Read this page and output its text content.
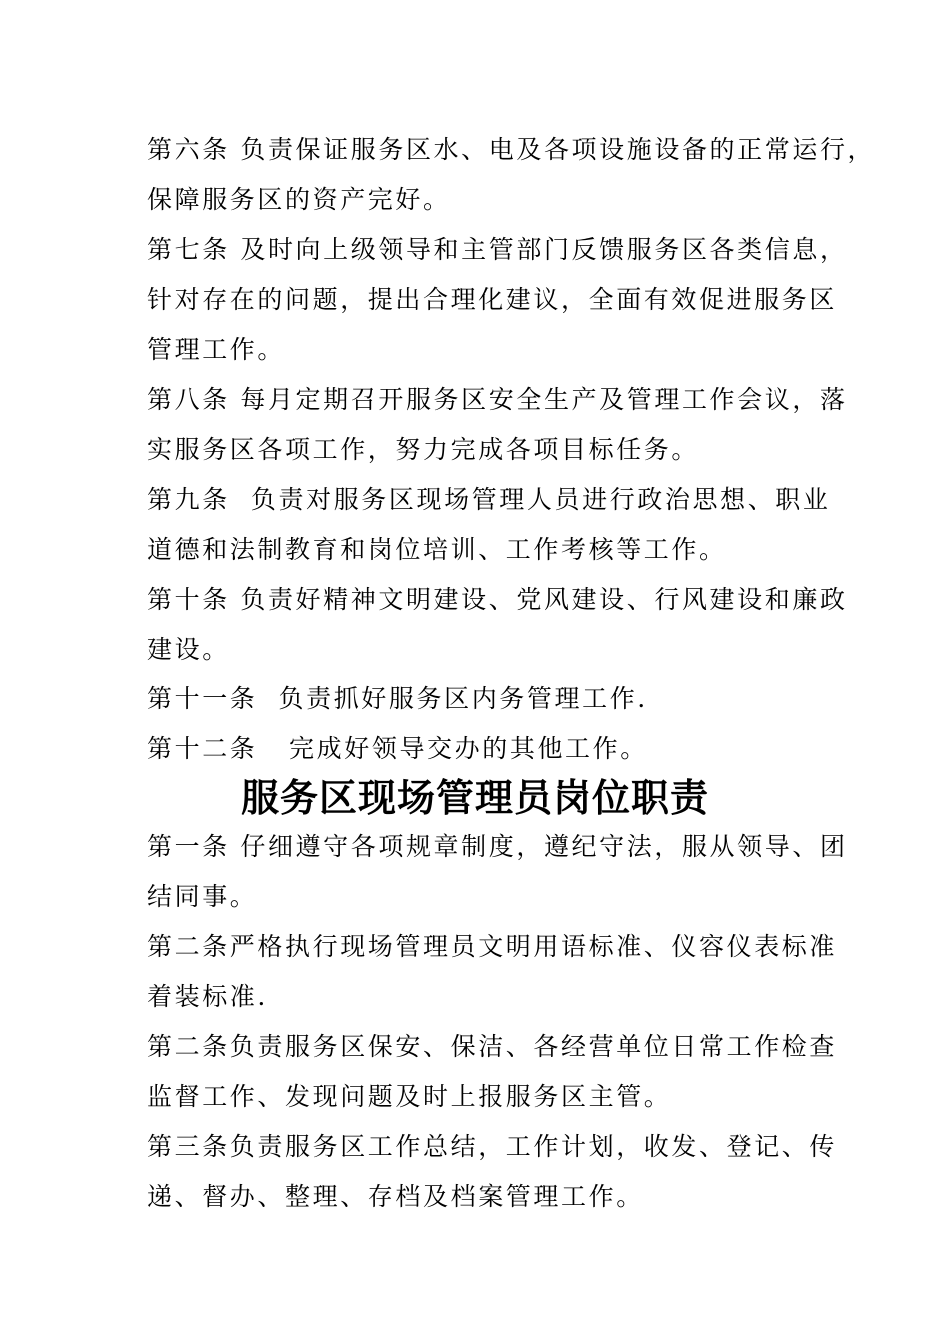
第六条 负责保证服务区水、电及各项设施设备的正常运行，
保障服务区的资产完好。
第七条 及时向上级领导和主管部门反馈服务区各类信息，
针对存在的问题，提出合理化建议，全面有效促进服务区
管理工作。
第八条 每月定期召开服务区安全生产及管理工作会议，落
实服务区各项工作，努力完成各项目标任务。
第九条  负责对服务区现场管理人员进行政治思想、职业
道德和法制教育和岗位培训、工作考核等工作。
第十条 负责好精神文明建设、党风建设、行风建设和廉政
建设。
第十一条  负责抓好服务区内务管理工作.
第十二条   完成好领导交办的其他工作。
服务区现场管理员岗位职责
第一条 仔细遵守各项规章制度，遵纪守法，服从领导、团
结同事。
第二条严格执行现场管理员文明用语标准、仪容仪表标准
着装标准.
第二条负责服务区保安、保洁、各经营单位日常工作检查
监督工作、发现问题及时上报服务区主管。
第三条负责服务区工作总结，工作计划，收发、登记、传
递、督办、整理、存档及档案管理工作。
